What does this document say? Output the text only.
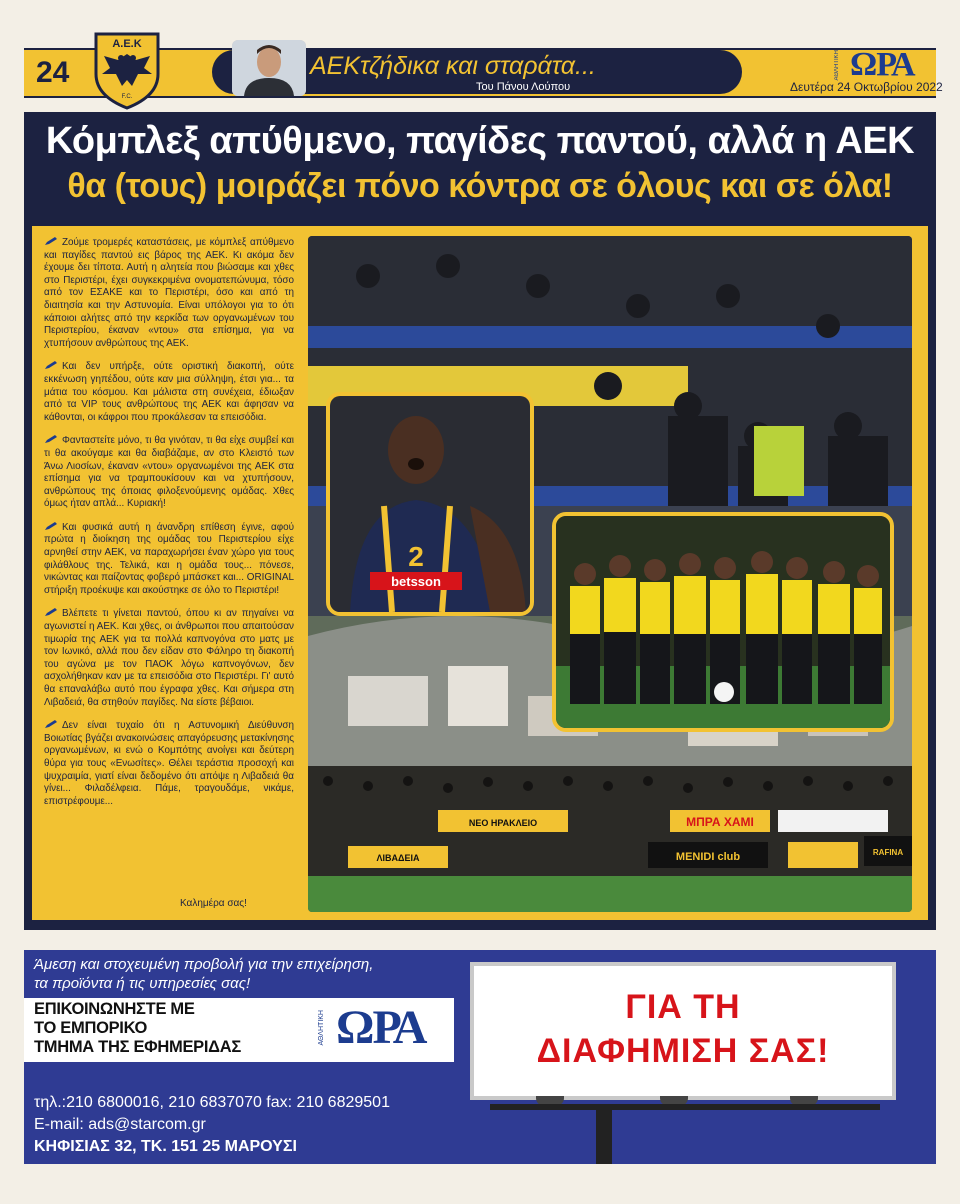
24
Α.Ε.Κ
F.C.
AEKτζήδικα και σταράτα...
Του Πάνου Λούπου
ΑΘΛΗΤΙΚΗ ΩΡΑ
Δευτέρα 24 Οκτωβρίου 2022
Κόμπλεξ απύθμενο, παγίδες παντού, αλλά η ΑΕΚ
θα (τους) μοιράζει πόνο κόντρα σε όλους και σε όλα!

Ζούμε τρομερές καταστάσεις, με κόμπλεξ απύθμενο και παγίδες παντού εις βάρος της ΑΕΚ. Κι ακόμα δεν έχουμε δει τίποτα. Αυτή η αλητεία που βιώσαμε και χθες στο Περιστέρι, έχει συγκεκριμένα ονοματεπώνυμα, τόσο από τον ΕΣΑΚΕ και το Περιστέρι, όσο και από τη διαιτησία και την Αστυνομία. Είναι υπόλογοι για το ότι κάποιοι αλήτες από την κερκίδα των οργανωμένων του Περιστερίου, έκαναν «ντου» στα επίσημα, για να χτυπήσουν ανθρώπους της ΑΕΚ.

Και δεν υπήρξε, ούτε οριστική διακοπή, ούτε εκκένωση γηπέδου, ούτε καν μια σύλληψη, έτσι για... τα μάτια του κόσμου. Και μάλιστα στη συνέχεια, έδιωξαν από τα VIP τους ανθρώπους της ΑΕΚ και άφησαν να κάθονται, οι κάφροι που προκάλεσαν τα επεισόδια.

Φανταστείτε μόνο, τι θα γινόταν, τι θα είχε συμβεί και τι θα ακούγαμε και θα διαβάζαμε, αν στο Κλειστό των Άνω Λιοσίων, έκαναν «ντου» οργανωμένοι της ΑΕΚ στα επίσημα για να τραμπουκίσουν και να χτυπήσουν, ανθρώπους της όποιας φιλοξενούμενης ομάδας. Χθες όμως ήταν απλά... Κυριακή!

Και φυσικά αυτή η άνανδρη επίθεση έγινε, αφού πρώτα η διοίκηση της ομάδας του Περιστερίου είχε αρνηθεί στην ΑΕΚ, να παραχωρήσει έναν χώρο για τους φιλάθλους της. Τελικά, και η ομάδα τους... πόνεσε, νικώντας και παίζοντας φοβερό μπάσκετ και... ORIGINAL στήριξη προέκυψε και ακούστηκε σε όλο το Περιστέρι!

Βλέπετε τι γίνεται παντού, όπου κι αν πηγαίνει να αγωνιστεί η ΑΕΚ. Και χθες, οι άνθρωποι που απαιτούσαν τιμωρία της ΑΕΚ για τα πολλά καπνογόνα στο ματς με τον Ιωνικό, αλλά που δεν είδαν στο Φάληρο τη διακοπή του αγώνα με τον ΠΑΟΚ λόγω καπνογόνων, δεν ασχολήθηκαν καν με τα επεισόδια στο Περιστέρι. Γι' αυτό θα επαναλάβω αυτό που έγραφα χθες. Και σήμερα στη Λιβαδειά, θα στηθούν παγίδες. Να είστε βέβαιοι.

Δεν είναι τυχαίο ότι η Αστυνομική Διεύθυνση Βοιωτίας βγάζει ανακοινώσεις απαγόρευσης μετακίνησης οργανωμένων, κι ενώ ο Κομπότης ανοίγει και δεύτερη θύρα για τους «Ενωσίτες». Θέλει τεράστια προσοχή και ψυχραιμία, γιατί είναι δεδομένο ότι απόψε η Λιβαδειά θα γίνει... Φιλαδέλφεια. Πάμε, τραγουδάμε, νικάμε, επιστρέφουμε...

Καλημέρα σας!
ΜΠΡΑ ΧΑΜΙ
ΝΕΟ ΗΡΑΚΛΕΙΟ
ΛΙΒΑΔΕΙΑ	MENIDI club	RAFINA
2
betsson
Άμεση και στοχευμένη προβολή για την επιχείρηση,
τα προϊόντα ή τις υπηρεσίες σας!
ΕΠΙΚΟΙΝΩΝΗΣΤΕ ΜΕ
ΤΟ ΕΜΠΟΡΙΚΟ
ΤΜΗΜΑ ΤΗΣ ΕΦΗΜΕΡΙΔΑΣ
ΑΘΛΗΤΙΚΗ ΩΡΑ
τηλ.:210 6800016, 210 6837070 fax: 210 6829501
E-mail: ads@starcom.gr
ΚΗΦΙΣΙΑΣ 32, ΤΚ. 151 25 ΜΑΡΟΥΣΙ
ΓΙΑ ΤΗ
ΔΙΑΦΗΜΙΣΗ ΣΑΣ!
